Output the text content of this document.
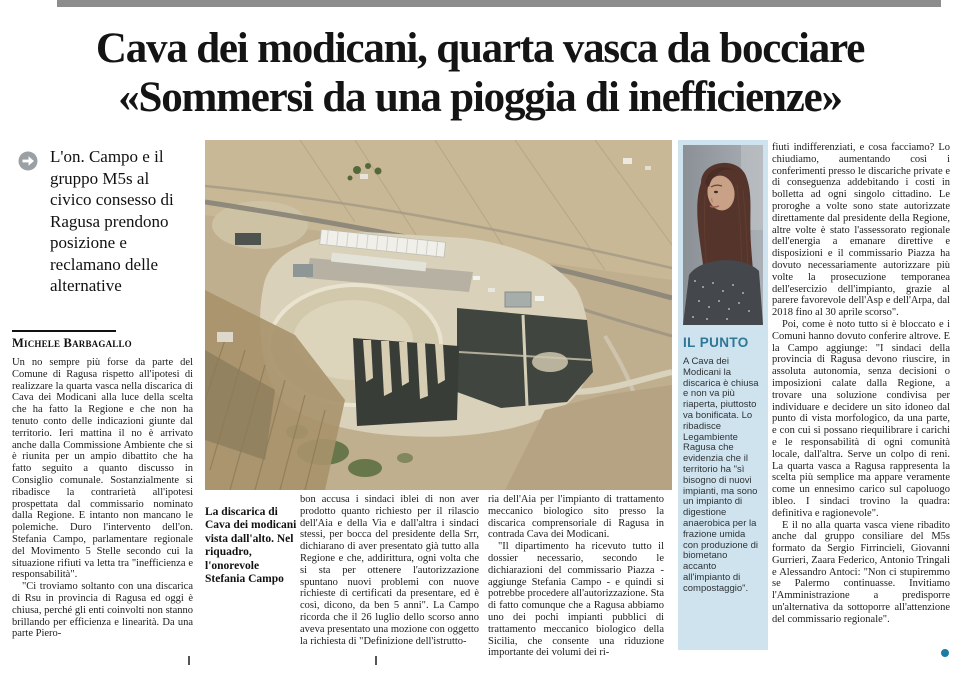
Cava dei modicani, quarta vasca da bocciare
«Sommersi da una pioggia di inefficienze»

L'on. Campo e il gruppo M5s al civico consesso di Ragusa prendono posizione e reclamano delle alternative

Michele Barbagallo

Un no sempre più forse da parte del Comune di Ragusa rispetto all'ipotesi di realizzare la quarta vasca nella discarica di Cava dei Modicani alla luce della scelta che ha fatto la Regione e che non ha tenuto conto delle indicazioni giunte dal territorio. Ieri mattina il no è arrivato anche dalla Commissione Ambiente che si è riunita per un ampio dibattito che ha fatto seguito a quanto discusso in Consiglio comunale. Sostanzialmente si ribadisce la contrarietà all'ipotesi prospettata dal commissario nominato dalla Regione. E intanto non mancano le polemiche. Duro l'intervento dell'on. Stefania Campo, parlamentare regionale del Movimento 5 Stelle secondo cui la situazione rifiuti va letta tra "inefficienza e responsabilità".

"Ci troviamo soltanto con una discarica di Rsu in provincia di Ragusa ed oggi è chiusa, perché gli enti coinvolti non stanno brillando per efficienza e linearità. Da una parte Piero-

La discarica di Cava dei modicani vista dall'alto. Nel riquadro, l'onorevole Stefania Campo

bon accusa i sindaci iblei di non aver prodotto quanto richiesto per il rilascio dell'Aia e della Via e dall'altra i sindaci stessi, per bocca del presidente della Srr, dichiarano di aver presentato già tutto alla Regione e che, addirittura, ogni volta che si sta per ottenere l'autorizzazione spuntano nuovi problemi con nuove richieste di certificati da presentare, ed è così, dicono, da ben 5 anni". La Campo ricorda che il 26 luglio dello scorso anno aveva presentato una mozione con oggetto la richiesta di "Definizione dell'istrutto-

ria dell'Aia per l'impianto di trattamento meccanico biologico sito presso la discarica comprensoriale di Ragusa in contrada Cava dei Modicani.

"Il dipartimento ha ricevuto tutto il dossier necessario, secondo le dichiarazioni del commissario Piazza - aggiunge Stefania Campo - e quindi si potrebbe procedere all'autorizzazione. Sta di fatto comunque che a Ragusa abbiamo uno dei pochi impianti pubblici di trattamento meccanico biologico della Sicilia, che consente una riduzione importante dei volumi dei ri-

IL PUNTO

A Cava dei Modicani la discarica è chiusa e non va più riaperta, piuttosto va bonificata. Lo ribadisce Legambiente Ragusa che evidenzia che il territorio ha "sì bisogno di nuovi impianti, ma sono un impianto di digestione anaerobica per la frazione umida con produzione di biometano accanto all'impianto di compostaggio".

fiuti indifferenziati, e cosa facciamo? Lo chiudiamo, aumentando così i conferimenti presso le discariche private e di conseguenza addebitando i costi in bolletta ad ogni singolo cittadino. Le proroghe a volte sono state autorizzate direttamente dal presidente della Regione, altre volte è stato l'assessorato regionale dell'energia a emanare direttive e disposizioni e il commissario Piazza ha dovuto necessariamente autorizzare più volte la prosecuzione temporanea dell'esercizio dell'impianto, grazie al parere favorevole dell'Asp e dell'Arpa, dal 2018 fino al 30 aprile scorso".

Poi, come è noto tutto si è bloccato e i Comuni hanno dovuto conferire altrove. E la Campo aggiunge: "I sindaci della provincia di Ragusa devono riuscire, in assoluta autonomia, senza decisioni o imposizioni calate dalla Regione, a trovare una soluzione condivisa per individuare e decidere un sito idoneo dal punto di vista morfologico, da una parte, e con cui si possano riequilibrare i carichi e le responsabilità di ogni comunità locale, dall'altra. Serve un colpo di reni. La quarta vasca a Ragusa rappresenta la scelta più semplice ma appare veramente come un ennesimo carico sul capoluogo ibleo. I sindaci trovino la quadra: definitiva e ragionevole".

E il no alla quarta vasca viene ribadito anche dal gruppo consiliare del M5s formato da Sergio Firrincieli, Giovanni Gurrieri, Zaara Federico, Antonio Tringali e Alessandro Antoci: "Non ci stupiremmo se Palermo continuasse. Invitiamo l'Amministrazione a predisporre un'alternativa da sottoporre all'attenzione del commissario regionale".
